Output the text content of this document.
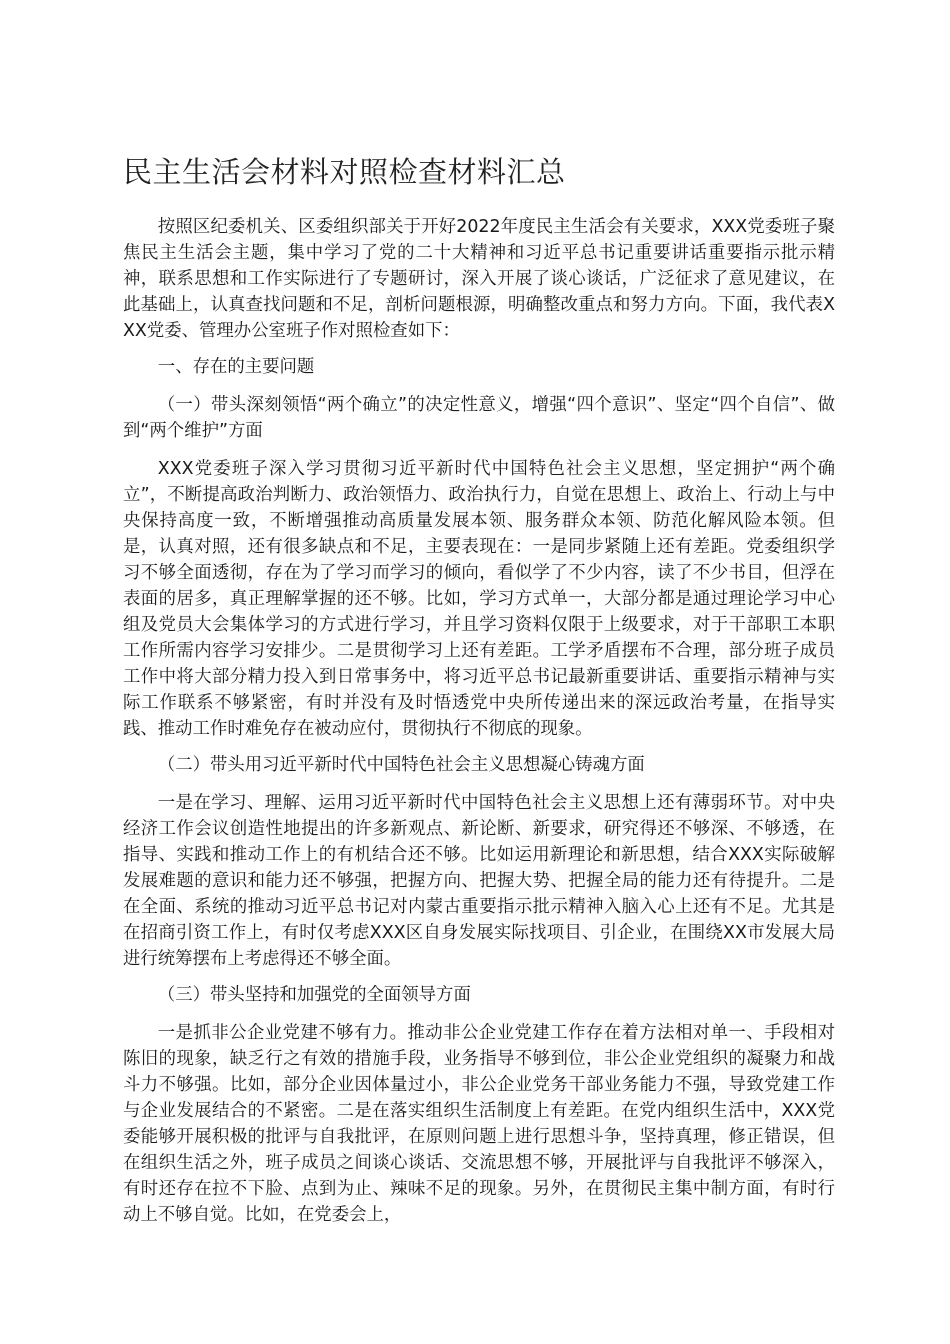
民主生活会材料对照检查材料汇总

按照区纪委机关、区委组织部关于开好2022年度民主生活会有关要求，XXX党委班子聚焦民主生活会主题，集中学习了党的二十大精神和习近平总书记重要讲话重要指示批示精神，联系思想和工作实际进行了专题研讨，深入开展了谈心谈话，广泛征求了意见建议，在此基础上，认真查找问题和不足，剖析问题根源，明确整改重点和努力方向。下面，我代表XXX党委、管理办公室班子作对照检查如下：

一、存在的主要问题

（一）带头深刻领悟“两个确立”的决定性意义，增强“四个意识”、坚定“四个自信”、做到“两个维护”方面

XXX党委班子深入学习贯彻习近平新时代中国特色社会主义思想，坚定拥护“两个确立”，不断提高政治判断力、政治领悟力、政治执行力，自觉在思想上、政治上、行动上与中央保持高度一致，不断增强推动高质量发展本领、服务群众本领、防范化解风险本领。但是，认真对照，还有很多缺点和不足，主要表现在：一是同步紧随上还有差距。党委组织学习不够全面透彻，存在为了学习而学习的倾向，看似学了不少内容，读了不少书目，但浮在表面的居多，真正理解掌握的还不够。比如，学习方式单一，大部分都是通过理论学习中心组及党员大会集体学习的方式进行学习，并且学习资料仅限于上级要求，对于干部职工本职工作所需内容学习安排少。二是贯彻学习上还有差距。工学矛盾摆布不合理，部分班子成员工作中将大部分精力投入到日常事务中，将习近平总书记最新重要讲话、重要指示精神与实际工作联系不够紧密，有时并没有及时悟透党中央所传递出来的深远政治考量，在指导实践、推动工作时难免存在被动应付，贯彻执行不彻底的现象。

（二）带头用习近平新时代中国特色社会主义思想凝心铸魂方面

一是在学习、理解、运用习近平新时代中国特色社会主义思想上还有薄弱环节。对中央经济工作会议创造性地提出的许多新观点、新论断、新要求，研究得还不够深、不够透，在指导、实践和推动工作上的有机结合还不够。比如运用新理论和新思想，结合XXX实际破解发展难题的意识和能力还不够强，把握方向、把握大势、把握全局的能力还有待提升。二是在全面、系统的推动习近平总书记对内蒙古重要指示批示精神入脑入心上还有不足。尤其是在招商引资工作上，有时仅考虑XXX区自身发展实际找项目、引企业，在围绕XX市发展大局进行统筹摆布上考虑得还不够全面。

（三）带头坚持和加强党的全面领导方面

一是抓非公企业党建不够有力。推动非公企业党建工作存在着方法相对单一、手段相对陈旧的现象，缺乏行之有效的措施手段，业务指导不够到位，非公企业党组织的凝聚力和战斗力不够强。比如，部分企业因体量过小，非公企业党务干部业务能力不强，导致党建工作与企业发展结合的不紧密。二是在落实组织生活制度上有差距。在党内组织生活中，XXX党委能够开展积极的批评与自我批评，在原则问题上进行思想斗争，坚持真理，修正错误，但在组织生活之外，班子成员之间谈心谈话、交流思想不够，开展批评与自我批评不够深入，有时还存在拉不下脸、点到为止、辣味不足的现象。另外，在贯彻民主集中制方面，有时行动上不够自觉。比如，在党委会上，
